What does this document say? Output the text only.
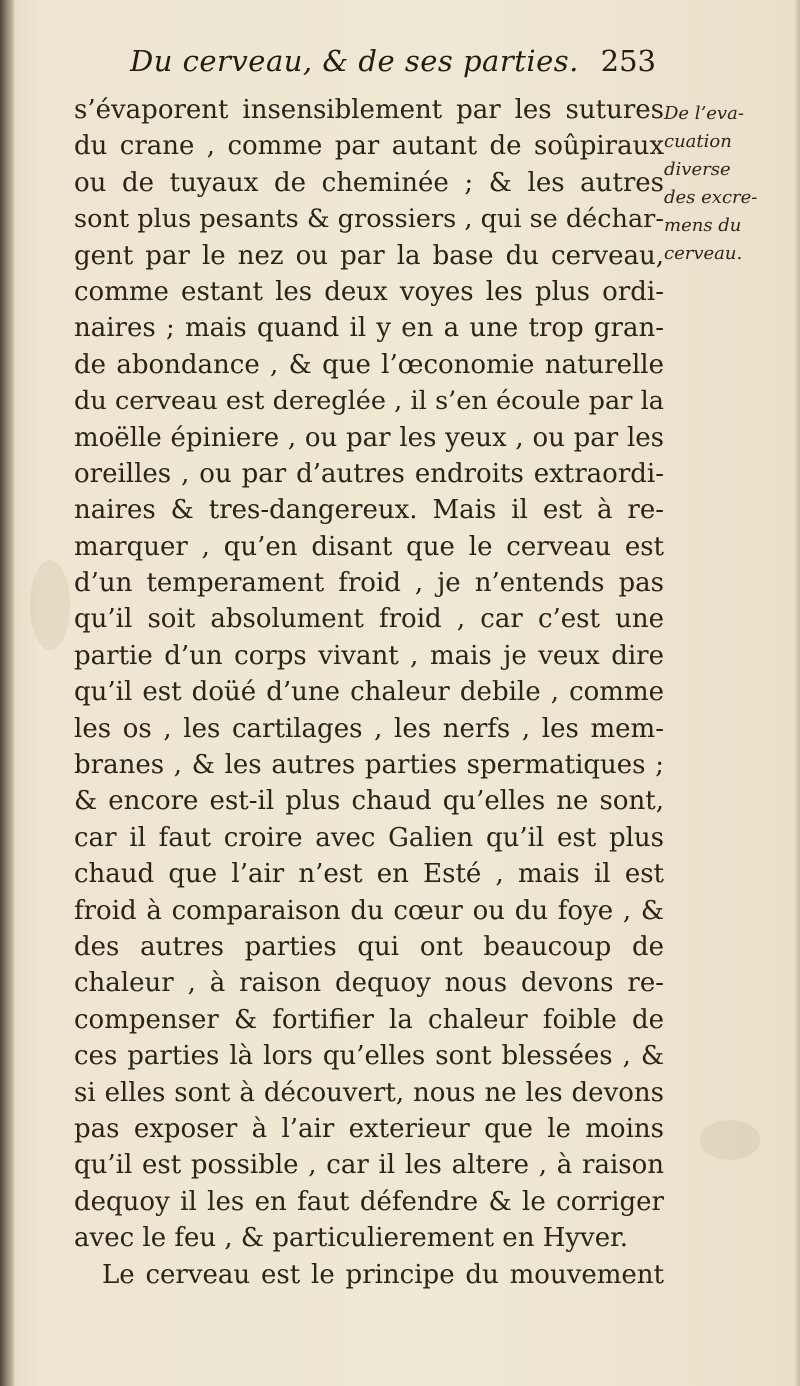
Du cerveau, & de ses parties. 253
s’évaporent insensiblement par les sutures
du crane , comme par autant de soûpiraux
ou de tuyaux de cheminée ; & les autres
sont plus pesants & grossiers , qui se déchar-
gent par le nez ou par la base du cerveau,
comme estant les deux voyes les plus ordi-
naires ; mais quand il y en a une trop gran-
de abondance , & que l’œconomie naturelle
du cerveau est dereglée , il s’en écoule par la
moëlle épiniere , ou par les yeux , ou par les
oreilles , ou par d’autres endroits extraordi-
naires & tres-dangereux. Mais il est à re-
marquer , qu’en disant que le cerveau est
d’un temperament froid , je n’entends pas
qu’il soit absolument froid , car c’est une
partie d’un corps vivant , mais je veux dire
qu’il est doüé d’une chaleur debile , comme
les os , les cartilages , les nerfs , les mem-
branes , & les autres parties spermatiques ;
& encore est-il plus chaud qu’elles ne sont,
car il faut croire avec Galien qu’il est plus
chaud que l’air n’est en Esté , mais il est
froid à comparaison du cœur ou du foye , &
des autres parties qui ont beaucoup de
chaleur , à raison dequoy nous devons re-
compenser & fortifier la chaleur foible de
ces parties là lors qu’elles sont blessées , &
si elles sont à découvert, nous ne les devons
pas exposer à l’air exterieur que le moins
qu’il est possible , car il les altere , à raison
dequoy il les en faut défendre & le corriger
avec le feu , & particulierement en Hyver.
Le cerveau est le principe du mouvement
De l’eva-
cuation
diverse
des excre-
mens du
cerveau.
